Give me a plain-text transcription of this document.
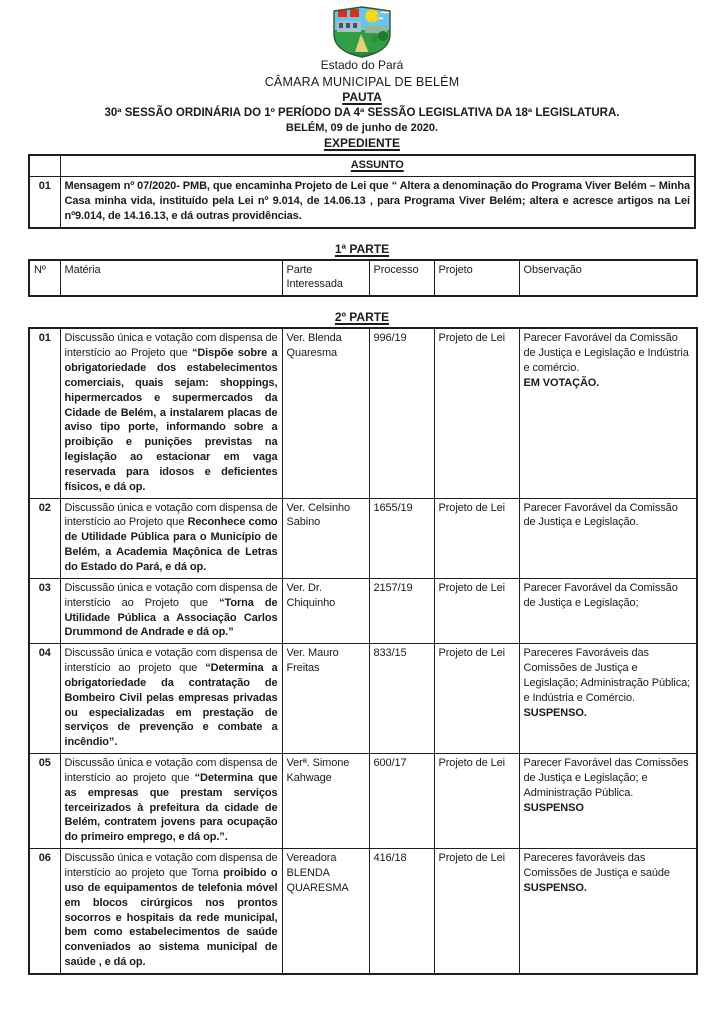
Estado do Pará
CÂMARA MUNICIPAL DE BELÉM
PAUTA
30ª SESSÃO ORDINÁRIA DO 1º PERÍODO DA 4ª SESSÃO LEGISLATIVA DA 18ª LEGISLATURA.
BELÉM, 09 de junho de 2020.
EXPEDIENTE
	ASSUNTO
01	Mensagem nº 07/2020- PMB, que encaminha Projeto de Lei que “ Altera a denominação do Programa Viver Belém – Minha Casa minha vida, instituído pela Lei nº 9.014, de 14.06.13 , para Programa Viver Belém; altera e acresce artigos na Lei nº9.014, de 14.16.13, e dá outras providências.
1ª PARTE
Nº	Matéria	Parte Interessada	Processo	Projeto	Observação
2º PARTE
01	Discussão única e votação com dispensa de interstício ao Projeto que “Dispõe sobre a obrigatoriedade dos estabelecimentos comerciais, quais sejam: shoppings, hipermercados e supermercados da Cidade de Belém, a instalarem placas de aviso tipo porte, informando sobre a proibição e punições previstas na legislação ao estacionar em vaga reservada para idosos e deficientes físicos, e dá op.	Ver. Blenda Quaresma	996/19	Projeto de Lei	Parecer Favorável da Comissão de Justiça e Legislação e Indústria e comércio.
EM VOTAÇÃO.

02	Discussão única e votação com dispensa de interstício ao Projeto que Reconhece como de Utilidade Pública para o Município de Belém, a Academia Maçônica de Letras do Estado do Pará, e dá op.	Ver. Celsinho Sabino	1655/19	Projeto de Lei	Parecer Favorável da Comissão de Justiça e Legislação.

03	Discussão única e votação com dispensa de interstício ao Projeto que “Torna de Utilidade Pública a Associação Carlos Drummond de Andrade e dá op.”	Ver. Dr. Chiquinho	2157/19	Projeto de Lei	Parecer Favorável da Comissão de Justiça e Legislação;

04	Discussão única e votação com dispensa de interstício ao projeto que “Determina a obrigatoriedade da contratação de Bombeiro Civil pelas empresas privadas ou especializadas em prestação de serviços de prevenção e combate a incêndio”.	Ver. Mauro Freitas	833/15	Projeto de Lei	Pareceres Favoráveis das Comissões de Justiça e Legislação; Administração Pública; e Indústria e Comércio.
SUSPENSO.

05	Discussão única e votação com dispensa de interstício ao projeto que “Determina que as empresas que prestam serviços terceirizados à prefeitura da cidade de Belém, contratem jovens para ocupação do primeiro emprego, e dá op.”.	Verª. Simone Kahwage	600/17	Projeto de Lei	Parecer Favorável das Comissões de Justiça e Legislação; e Administração Pública.
SUSPENSO

06	Discussão única e votação com dispensa de interstício ao projeto que Torna proibido o uso de equipamentos de telefonia móvel em blocos cirúrgicos nos prontos socorros e hospitais da rede municipal, bem como estabelecimentos de saúde conveniados ao sistema municipal de saúde , e dá op.	Vereadora BLENDA QUARESMA	416/18	Projeto de Lei	Pareceres favoráveis das Comissões de Justiça e saúde
SUSPENSO.
